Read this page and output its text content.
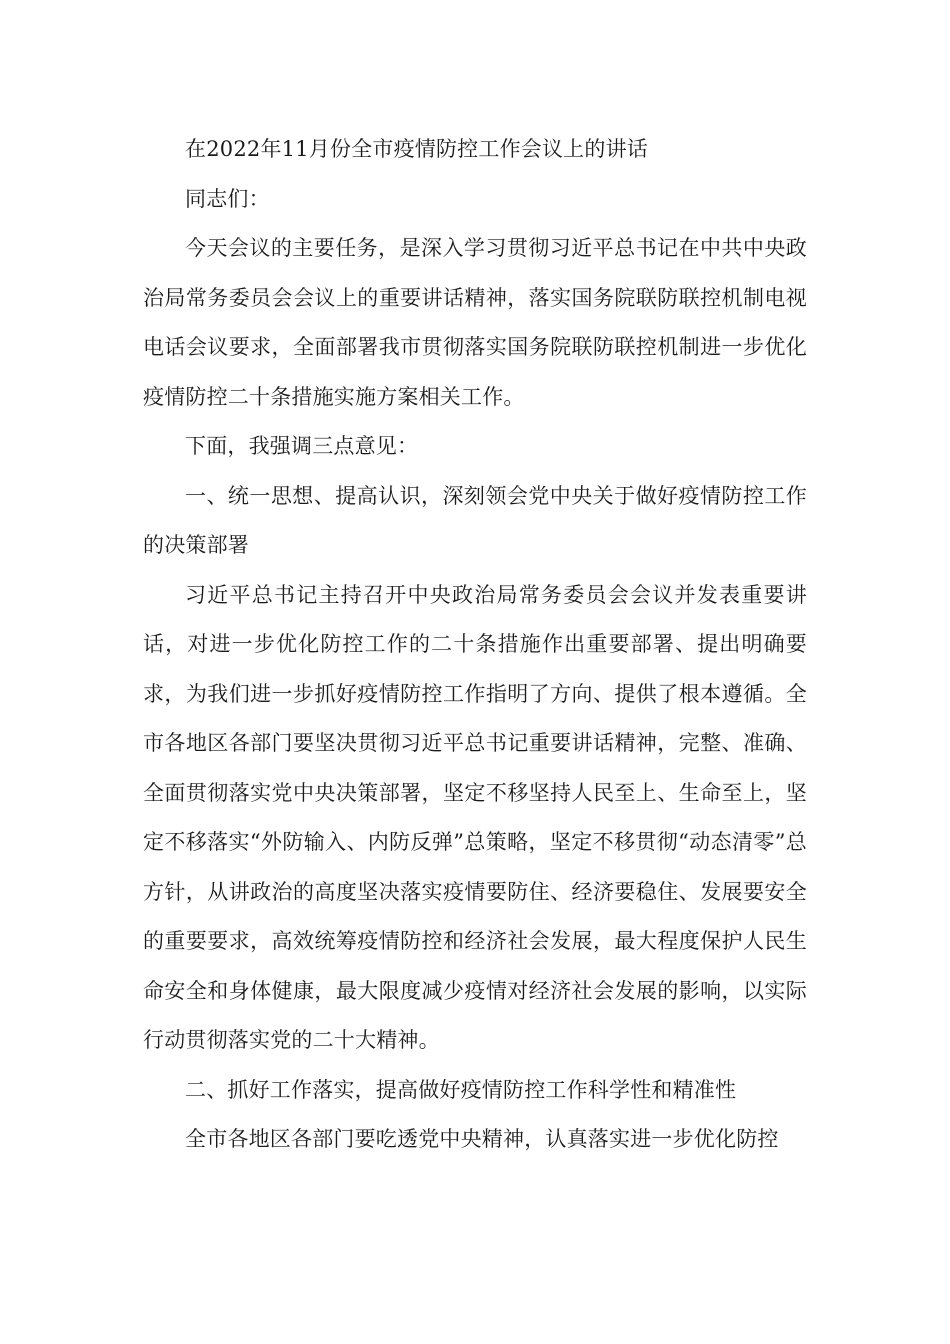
在2022年11月份全市疫情防控工作会议上的讲话

同志们：

今天会议的主要任务，是深入学习贯彻习近平总书记在中共中央政治局常务委员会会议上的重要讲话精神，落实国务院联防联控机制电视电话会议要求，全面部署我市贯彻落实国务院联防联控机制进一步优化疫情防控二十条措施实施方案相关工作。

下面，我强调三点意见：

一、统一思想、提高认识，深刻领会党中央关于做好疫情防控工作的决策部署

习近平总书记主持召开中央政治局常务委员会会议并发表重要讲话，对进一步优化防控工作的二十条措施作出重要部署、提出明确要求，为我们进一步抓好疫情防控工作指明了方向、提供了根本遵循。全市各地区各部门要坚决贯彻习近平总书记重要讲话精神，完整、准确、全面贯彻落实党中央决策部署，坚定不移坚持人民至上、生命至上，坚定不移落实“外防输入、内防反弹”总策略，坚定不移贯彻“动态清零”总方针，从讲政治的高度坚决落实疫情要防住、经济要稳住、发展要安全的重要要求，高效统筹疫情防控和经济社会发展，最大程度保护人民生命安全和身体健康，最大限度减少疫情对经济社会发展的影响，以实际行动贯彻落实党的二十大精神。

二、抓好工作落实，提高做好疫情防控工作科学性和精准性

全市各地区各部门要吃透党中央精神，认真落实进一步优化防控
